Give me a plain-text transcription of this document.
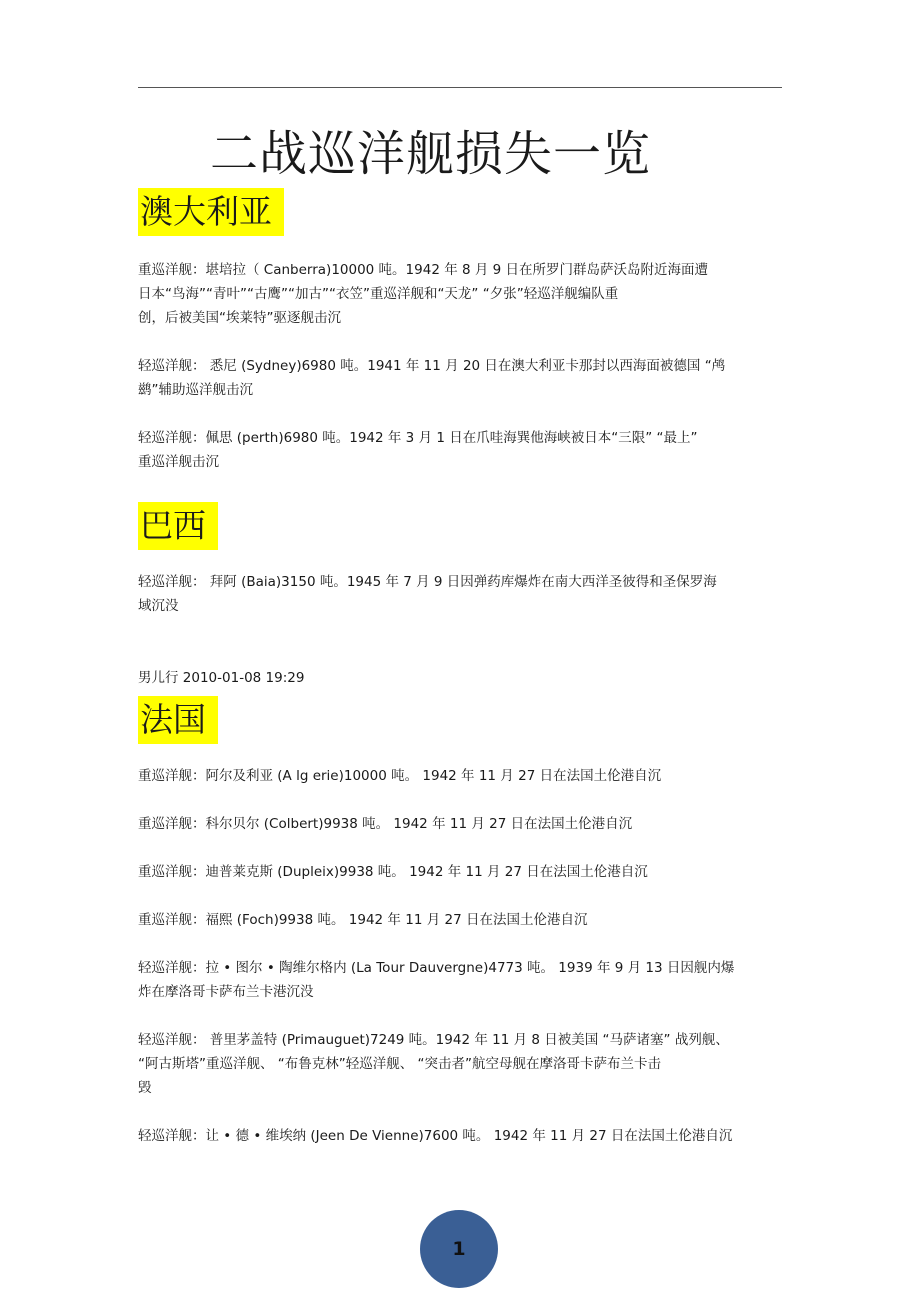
二战巡洋舰损失一览
澳大利亚
重巡洋舰：堪培拉（ Canberra)10000 吨。1942 年 8 月 9 日在所罗门群岛萨沃岛附近海面遭
日本“鸟海”“青叶”“古鹰”“加古”“衣笠”重巡洋舰和“天龙” “夕张”轻巡洋舰编队重
创，后被美国“埃莱特”驱逐舰击沉
轻巡洋舰： 悉尼 (Sydney)6980 吨。1941 年 11 月 20 日在澳大利亚卡那封以西海面被德国 “鸬
鹚”辅助巡洋舰击沉
轻巡洋舰：佩思 (perth)6980 吨。1942 年 3 月 1 日在爪哇海巽他海峡被日本“三限” “最上”
重巡洋舰击沉
巴西
轻巡洋舰： 拜阿 (Baia)3150 吨。1945 年 7 月 9 日因弹药库爆炸在南大西洋圣彼得和圣保罗海
域沉没
男儿行 2010-01-08 19:29
法国
重巡洋舰：阿尔及利亚 (A lg erie)10000 吨。 1942 年 11 月 27 日在法国土伦港自沉
重巡洋舰：科尔贝尔 (Colbert)9938 吨。 1942 年 11 月 27 日在法国土伦港自沉
重巡洋舰：迪普莱克斯 (Dupleix)9938 吨。 1942 年 11 月 27 日在法国土伦港自沉
重巡洋舰：福熙 (Foch)9938 吨。 1942 年 11 月 27 日在法国土伦港自沉
轻巡洋舰：拉 • 图尔 • 陶维尔格内 (La Tour Dauvergne)4773 吨。 1939 年 9 月 13 日因舰内爆
炸在摩洛哥卡萨布兰卡港沉没
轻巡洋舰： 普里茅盖特 (Primauguet)7249 吨。1942 年 11 月 8 日被美国 “马萨诸塞” 战列舰、
“阿古斯塔”重巡洋舰、 “布鲁克林”轻巡洋舰、 “突击者”航空母舰在摩洛哥卡萨布兰卡击
毁
轻巡洋舰：让 • 德 • 维埃纳 (Jeen De Vienne)7600 吨。 1942 年 11 月 27 日在法国土伦港自沉
1
